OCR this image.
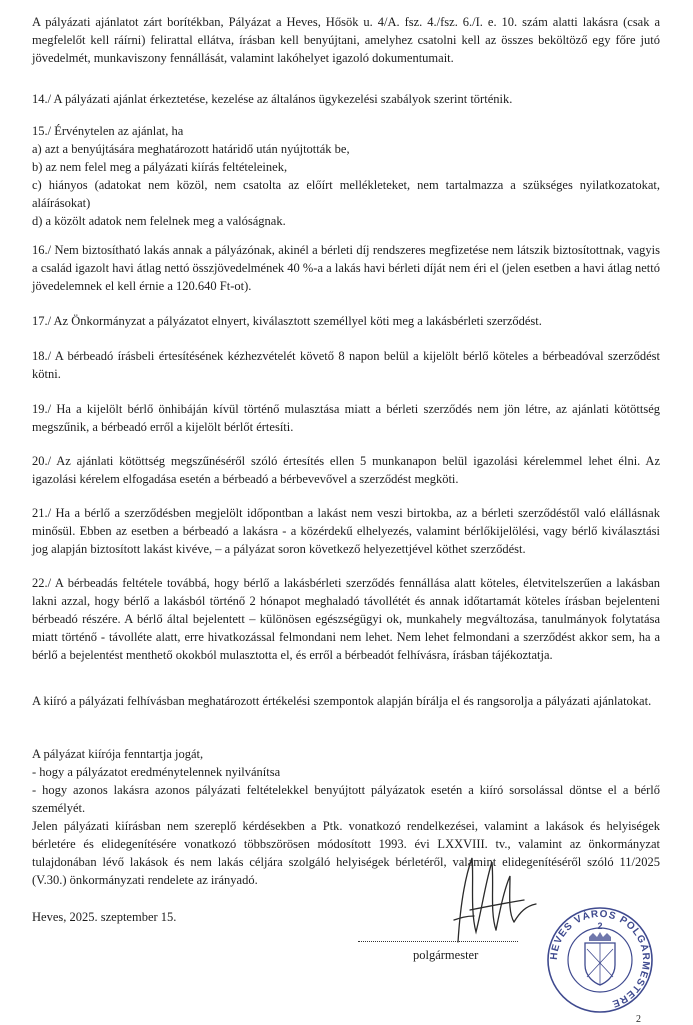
A pályázati ajánlatot zárt borítékban, Pályázat a Heves, Hősök u. 4/A. fsz. 4./fsz. 6./I. e. 10. szám alatti lakásra (csak a megfelelőt kell ráírni) felirattal ellátva, írásban kell benyújtani, amelyhez csatolni kell az összes beköltöző egy főre jutó jövedelmét, munkaviszony fennállását, valamint lakóhelyet igazoló dokumentumait.

14./ A pályázati ajánlat érkeztetése, kezelése az általános ügykezelési szabályok szerint történik.

15./ Érvénytelen az ajánlat, ha
a) azt a benyújtására meghatározott határidő után nyújtották be,
b) az nem felel meg a pályázati kiírás feltételeinek,
c) hiányos (adatokat nem közöl, nem csatolta az előírt mellékleteket, nem tartalmazza a szükséges nyilatkozatokat, aláírásokat)
d) a közölt adatok nem felelnek meg a valóságnak.

16./ Nem biztosítható lakás annak a pályázónak, akinél a bérleti díj rendszeres megfizetése nem látszik biztosítottnak, vagyis a család igazolt havi átlag nettó összjövedelmének 40 %-a a lakás havi bérleti díját nem éri el (jelen esetben a havi átlag nettó jövedelemnek el kell érnie a 120.640 Ft-ot).

17./ Az Önkormányzat a pályázatot elnyert, kiválasztott személlyel köti meg a lakásbérleti szerződést.

18./ A bérbeadó írásbeli értesítésének kézhezvételét követő 8 napon belül a kijelölt bérlő köteles a bérbeadóval szerződést kötni.

19./ Ha a kijelölt bérlő önhibáján kívül történő mulasztása miatt a bérleti szerződés nem jön létre, az ajánlati kötöttség megszűnik, a bérbeadó erről a kijelölt bérlőt értesíti.

20./ Az ajánlati kötöttség megszűnéséről szóló értesítés ellen 5 munkanapon belül igazolási kérelemmel lehet élni. Az igazolási kérelem elfogadása esetén a bérbeadó a bérbevevővel a szerződést megköti.

21./ Ha a bérlő a szerződésben megjelölt időpontban a lakást nem veszi birtokba, az a bérleti szerződéstől való elállásnak minősül. Ebben az esetben a bérbeadó a lakásra - a közérdekű elhelyezés, valamint bérlőkijelölési, vagy bérlő kiválasztási jog alapján biztosított lakást kivéve, – a pályázat soron következő helyezettjével köthet szerződést.

22./ A bérbeadás feltétele továbbá, hogy bérlő a lakásbérleti szerződés fennállása alatt köteles, életvitelszerűen a lakásban lakni azzal, hogy bérlő a lakásból történő 2 hónapot meghaladó távollétét és annak időtartamát köteles írásban bejelenteni bérbeadó részére. A bérlő által bejelentett – különösen egészségügyi ok, munkahely megváltozása, tanulmányok folytatása miatt történő - távolléte alatt, erre hivatkozással felmondani nem lehet. Nem lehet felmondani a szerződést akkor sem, ha a bérlő a bejelentést menthető okokból mulasztotta el, és erről a bérbeadót felhívásra, írásban tájékoztatja.

A kiíró a pályázati felhívásban meghatározott értékelési szempontok alapján bírálja el és rangsorolja a pályázati ajánlatokat.

A pályázat kiírója fenntartja jogát,
- hogy a pályázatot eredménytelennek nyilvánítsa
- hogy azonos lakásra azonos pályázati feltételekkel benyújtott pályázatok esetén a kiíró sorsolással döntse el a bérlő személyét.
Jelen pályázati kiírásban nem szereplő kérdésekben a Ptk. vonatkozó rendelkezései, valamint a lakások és helyiségek bérletére és elidegenítésére vonatkozó többszörösen módosított 1993. évi LXXVIII. tv., valamint az önkormányzat tulajdonában lévő lakások és nem lakás céljára szolgáló helyiségek bérletéről, valamint elidegenítéséről szóló 11/2025 (V.30.) önkormányzati rendelete az irányadó.
Heves, 2025. szeptember 15.
polgármester	HEVES VÁROS POLGÁRMESTERE
2
2
